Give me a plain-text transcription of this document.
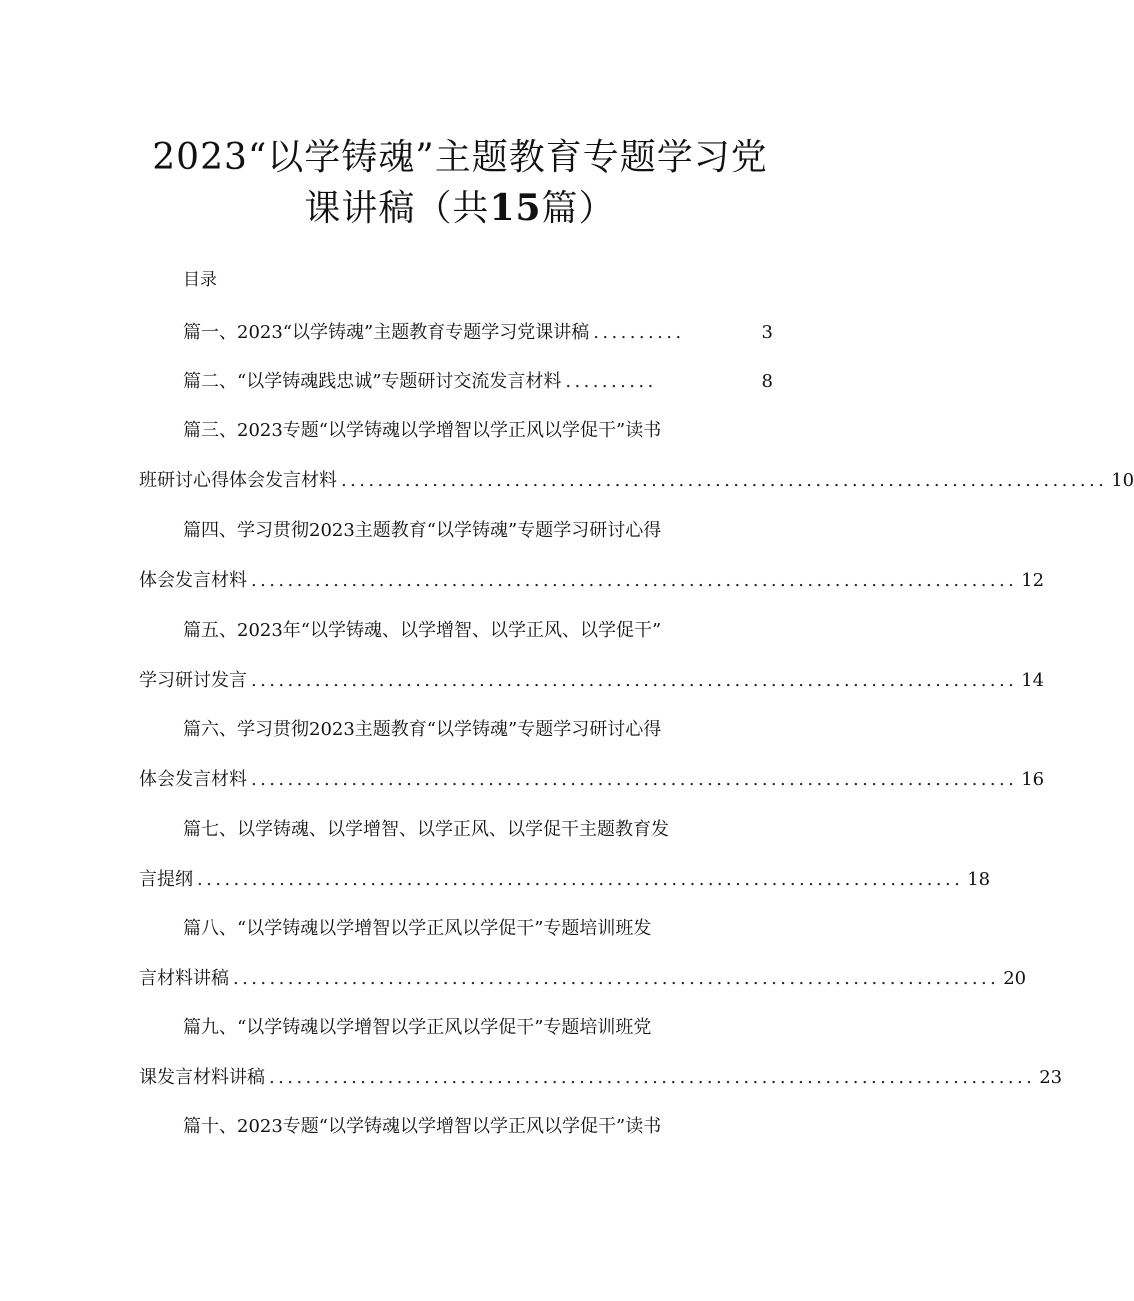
2023“以学铸魂”主题教育专题学习党
课讲稿（共15篇）
目录
篇一、2023“以学铸魂”主题教育专题学习党课讲稿 ..........	3
篇二、“以学铸魂践忠诚”专题研讨交流发言材料 ..........	8
篇三、2023专题“以学铸魂以学增智以学正风以学促干”读书
班研讨心得体会发言材料 .................................................................................... 10
篇四、学习贯彻2023主题教育“以学铸魂”专题学习研讨心得
体会发言材料 .................................................................................... 12
篇五、2023年“以学铸魂、以学增智、以学正风、以学促干”
学习研讨发言 .................................................................................... 14
篇六、学习贯彻2023主题教育“以学铸魂”专题学习研讨心得
体会发言材料 .................................................................................... 16
篇七、以学铸魂、以学增智、以学正风、以学促干主题教育发
言提纲 .................................................................................... 18
篇八、“以学铸魂以学增智以学正风以学促干”专题培训班发
言材料讲稿 .................................................................................... 20
篇九、“以学铸魂以学增智以学正风以学促干”专题培训班党
课发言材料讲稿 .................................................................................... 23
篇十、2023专题“以学铸魂以学增智以学正风以学促干”读书
